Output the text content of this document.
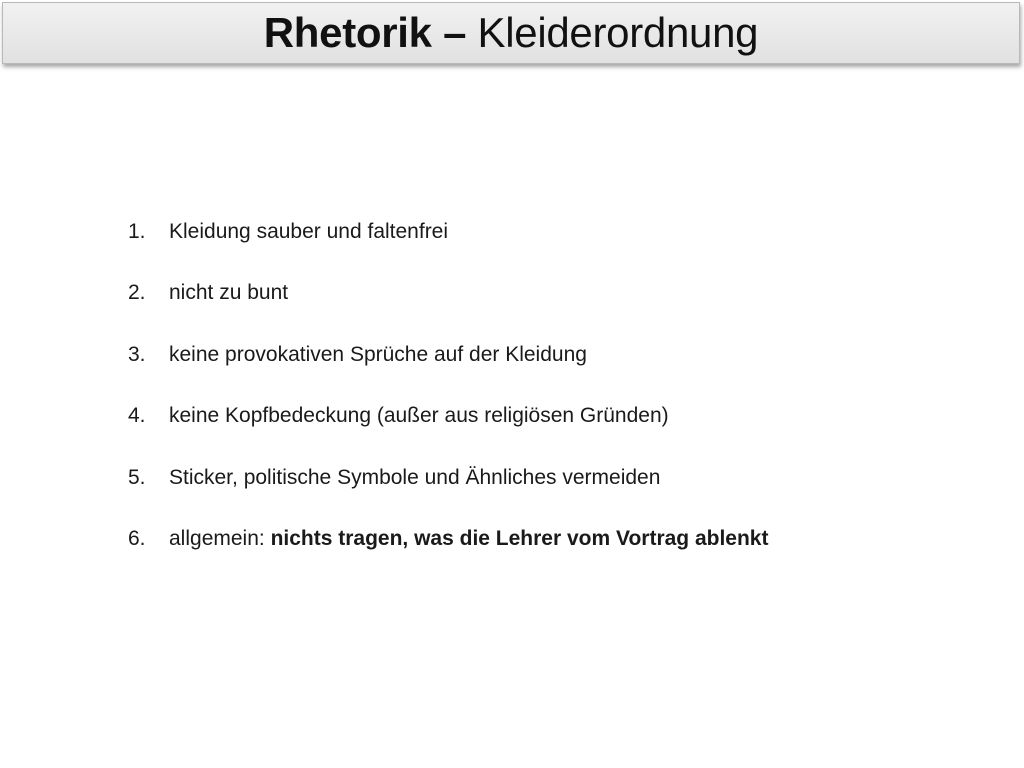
Rhetorik – Kleiderordnung
1.	Kleidung sauber und faltenfrei
2.	nicht zu bunt
3.	keine provokativen Sprüche auf der Kleidung
4.	keine Kopfbedeckung (außer aus religiösen Gründen)
5.	Sticker, politische Symbole und Ähnliches vermeiden
6.	allgemein: nichts tragen, was die Lehrer vom Vortrag ablenkt
